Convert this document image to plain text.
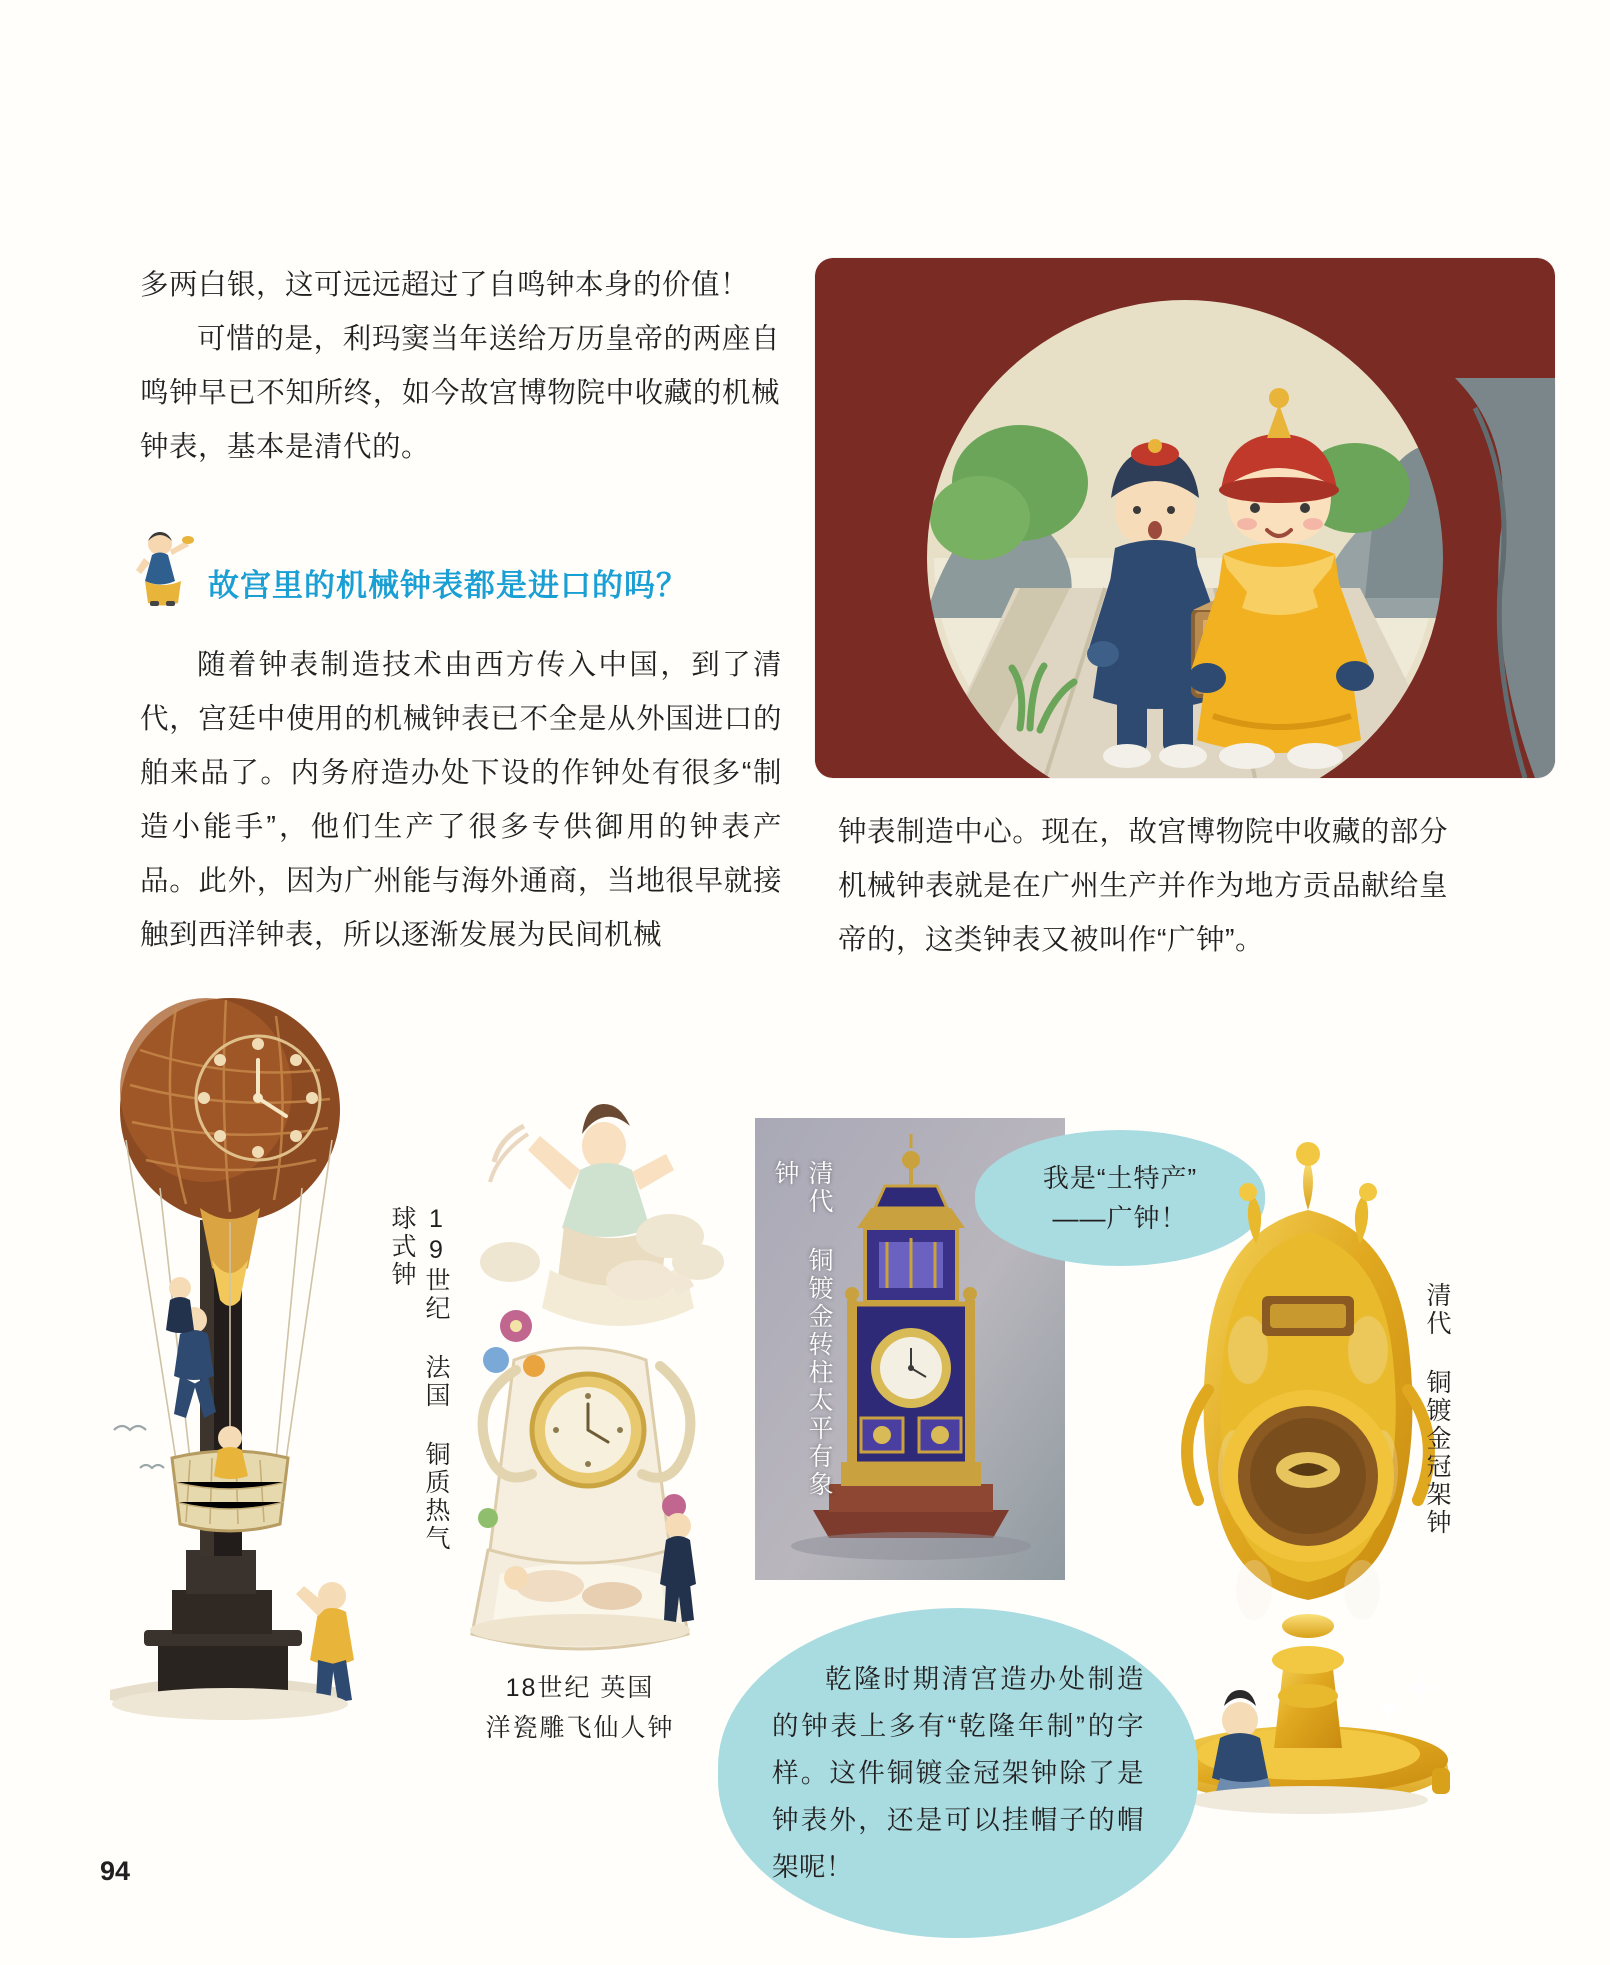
多两白银，这可远远超过了自鸣钟本身的价值！

可惜的是，利玛窦当年送给万历皇帝的两座自鸣钟早已不知所终，如今故宫博物院中收藏的机械钟表，基本是清代的。

故宫里的机械钟表都是进口的吗？

随着钟表制造技术由西方传入中国，到了清代，宫廷中使用的机械钟表已不全是从外国进口的舶来品了。内务府造办处下设的作钟处有很多“制造小能手”，他们生产了很多专供御用的钟表产品。此外，因为广州能与海外通商，当地很早就接触到西洋钟表，所以逐渐发展为民间机械

钟表制造中心。现在，故宫博物院中收藏的部分机械钟表就是在广州生产并作为地方贡品献给皇帝的，这类钟表又被叫作“广钟”。

19世纪 法国 铜质热气球式钟
18世纪 英国
洋瓷雕飞仙人钟
清代 铜镀金转柱太平有象钟	我是“土特产”
——广钟！
清代 铜镀金冠架钟
乾隆时期清宫造办处制造的钟表上多有“乾隆年制”的字样。这件铜镀金冠架钟除了是钟表外，还是可以挂帽子的帽架呢！
94
